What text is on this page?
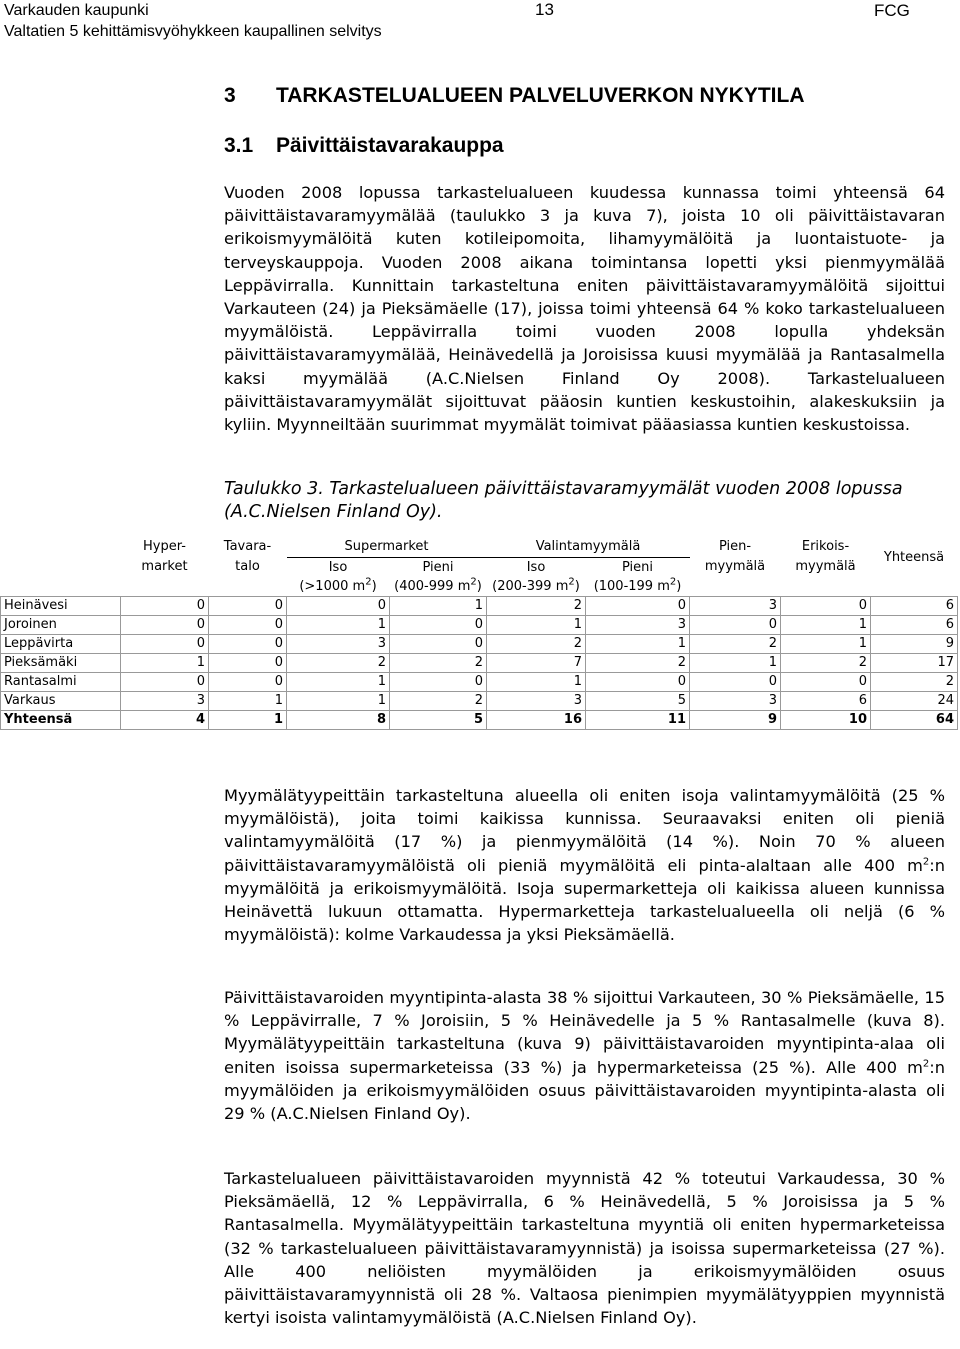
Varkauden kaupunki
Valtatien 5 kehittämisvyöhykkeen kaupallinen selvitys
13	FCG
3 TARKASTELUALUEEN PALVELUVERKON NYKYTILA
3.1 Päivittäistavarakauppa
Vuoden 2008 lopussa tarkastelualueen kuudessa kunnassa toimi yhteensä 64 päivittäistavaramyymälää (taulukko 3 ja kuva 7), joista 10 oli päivittäistavaran erikoismyymälöitä kuten kotileipomoita, lihamyymälöitä ja luontaistuote- ja terveyskauppoja. Vuoden 2008 aikana toimintansa lopetti yksi pienmyymälää Leppävirralla. Kunnittain tarkasteltuna eniten päivittäistavaramyymälöitä sijoittui Varkauteen (24) ja Pieksämäelle (17), joissa toimi yhteensä 64 % koko tarkastelualueen myymälöistä. Leppävirralla toimi vuoden 2008 lopulla yhdeksän päivittäistavaramyymälää, Heinävedellä ja Joroisissa kuusi myymälää ja Rantasalmella kaksi myymälää (A.C.Nielsen Finland Oy 2008). Tarkastelualueen päivittäistavaramyymälät sijoittuvat pääosin kuntien keskustoihin, alakeskuksiin ja kyliin. Myynneiltään suurimmat myymälät toimivat pääasiassa kuntien keskustoissa.
Taulukko 3. Tarkastelualueen päivittäistavaramyymälät vuoden 2008 lopussa (A.C.Nielsen Finland Oy).
	Hyper- market	Tavara- talo	Supermarket		Valintamyymälä		Pien- myymälä	Erikois- myymälä	Yhteensä
			Iso	Pieni	Iso	Pieni			
			(>1000 $m^2$)	(400-999 $m^2$)	(200-399 $m^2$)	(100-199 $m^2$)			
Heinävesi	0	0	0	1	2	0	3	0	6
Joroinen	0	0	1	0	1	3	0	1	6
Leppävirta	0	0	3	0	2	1	2	1	9
Pieksämäki	1	0	2	2	7	2	1	2	17
Rantasalmi	0	0	1	0	1	0	0	0	2
Varkaus	3	1	1	2	3	5	3	6	24
Yhteensä	4	1	8	5	16	11	9	10	64
Myymälätyypeittäin tarkasteltuna alueella oli eniten isoja valintamyymälöitä (25 % myymälöistä), joita toimi kaikissa kunnissa. Seuraavaksi eniten oli pieniä valintamyymälöitä (17 %) ja pienmyymälöitä (14 %). Noin 70 % alueen päivittäistavaramyymälöistä oli pieniä myymälöitä eli pinta-alaltaan alle 400 $m^2:n$ myymälöitä ja erikoismyymälöitä. Isoja supermarketteja oli kaikissa alueen kunnissa Heinävettä lukuun ottamatta. Hypermarketteja tarkastelualueella oli neljä (6 % myymälöistä): kolme Varkaudessa ja yksi Pieksämäellä.
Päivittäistavaroiden myyntipinta-alasta 38 % sijoittui Varkauteen, 30 % Pieksämäelle, 15 % Leppävirralle, 7 % Joroisiin, 5 % Heinävedelle ja 5 % Rantasalmelle (kuva 8). Myymälätyypeittäin tarkasteltuna (kuva 9) päivittäistavaroiden myyntipinta-alaa oli eniten isoissa supermarketeissa (33 %) ja hypermarketeissa (25 %). Alle 400 $m^2:n$ myymälöiden ja erikoismyymälöiden osuus päivittäistavaroiden myyntipinta-alasta oli 29 % (A.C.Nielsen Finland Oy).
Tarkastelualueen päivittäistavaroiden myynnistä 42 % toteutui Varkaudessa, 30 % Pieksämäellä, 12 % Leppävirralla, 6 % Heinävedellä, 5 % Joroisissa ja 5 % Rantasalmella. Myymälätyypeittäin tarkasteltuna myyntiä oli eniten hypermarketeissa (32 % tarkastelualueen päivittäistavaramyynnistä) ja isoissa supermarketeissa (27 %). Alle 400 neliöisten myymälöiden ja erikoismyymälöiden osuus päivittäistavaramyynnistä oli 28 %. Valtaosa pienimpien myymälätyyppien myynnistä kertyi isoista valintamyymälöistä (A.C.Nielsen Finland Oy).
